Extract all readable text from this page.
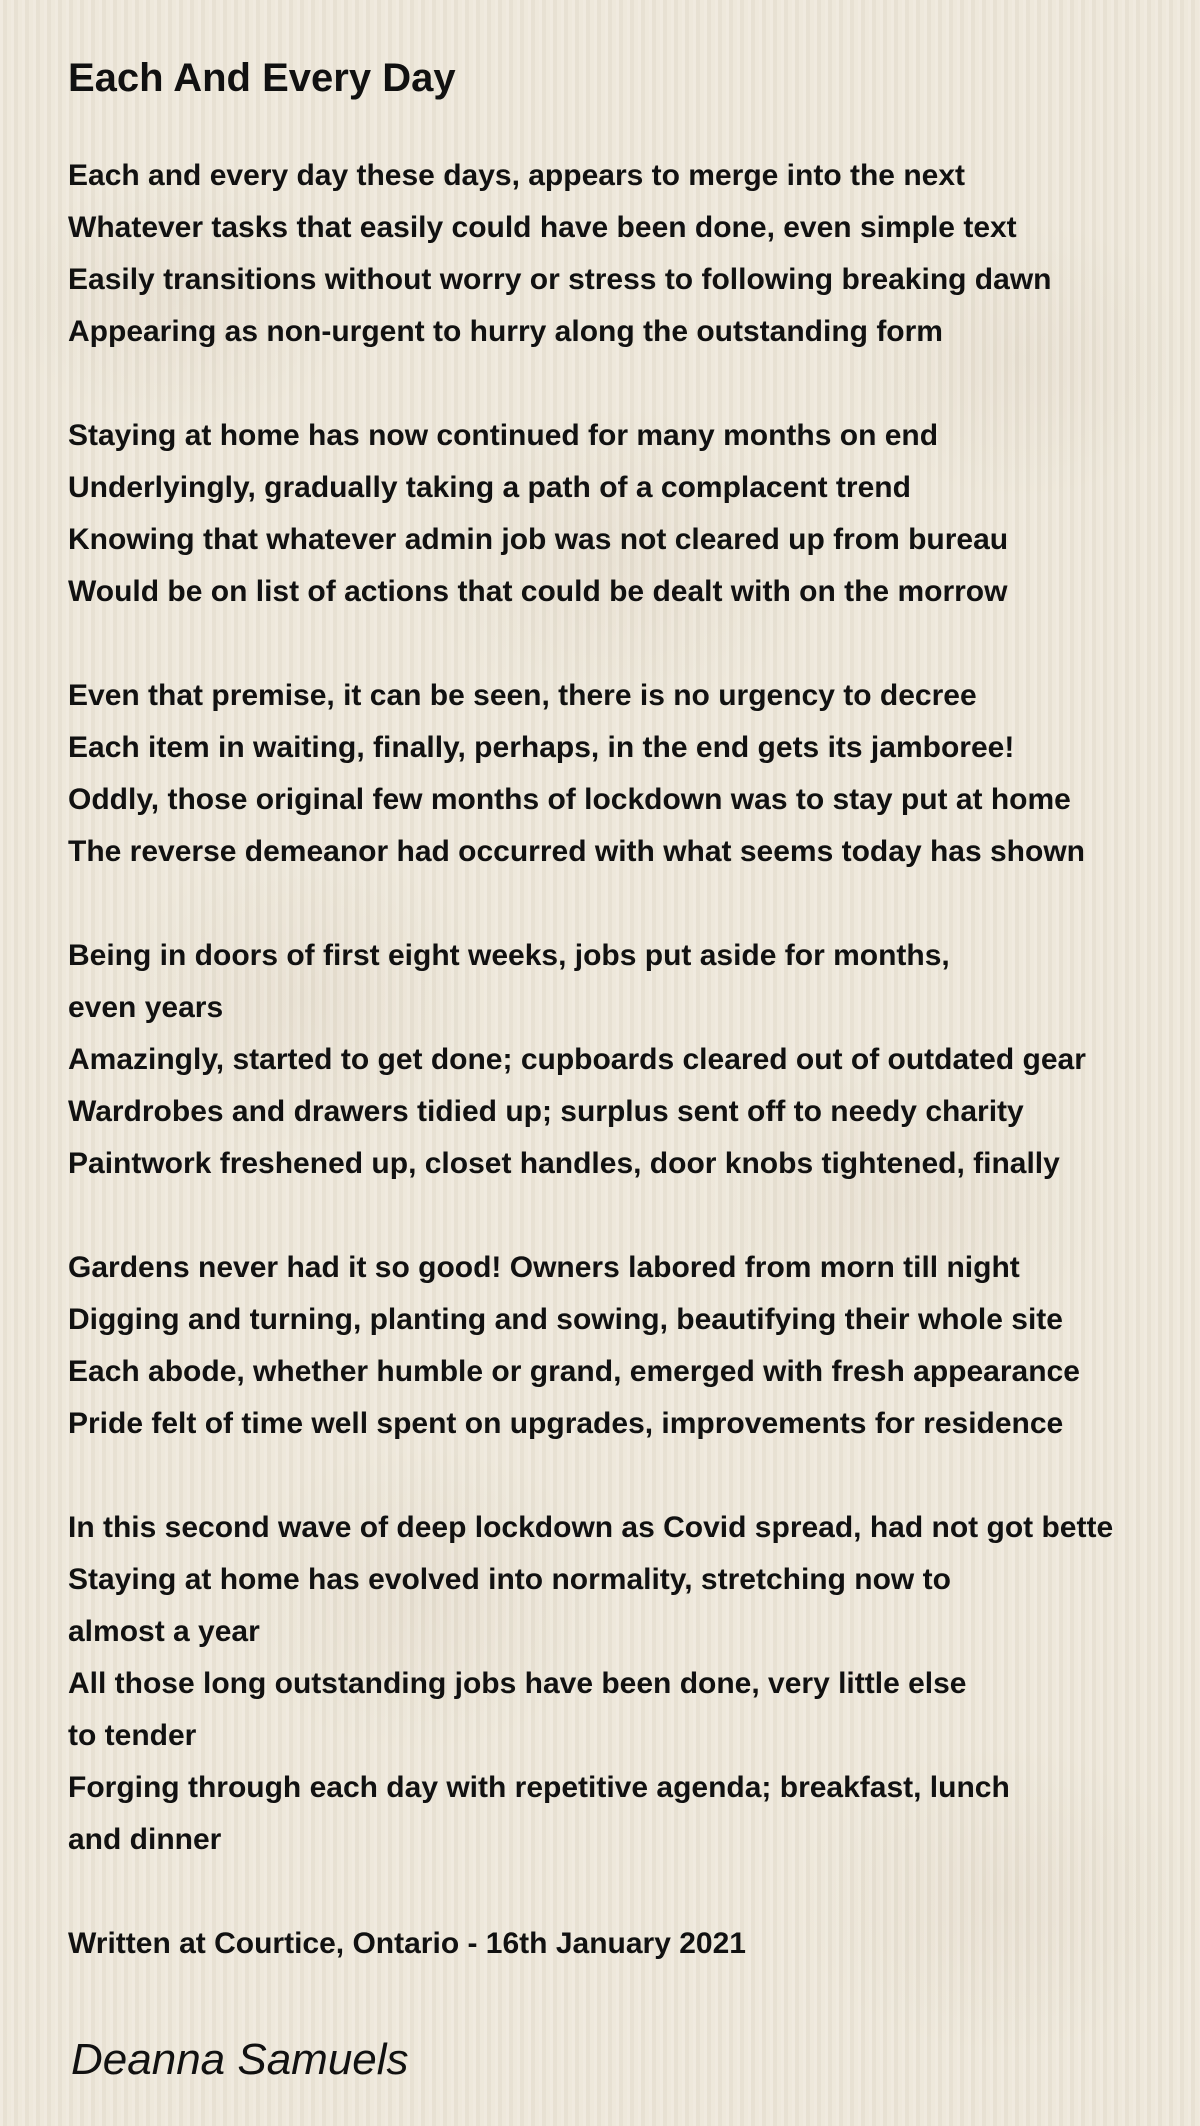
Each And Every Day
Each and every day these days, appears to merge into the next
Whatever tasks that easily could have been done, even simple text
Easily transitions without worry or stress to following breaking dawn
Appearing as non-urgent to hurry along the outstanding form
Staying at home has now continued for many months on end
Underlyingly, gradually taking a path of a complacent trend
Knowing that whatever admin job was not cleared up from bureau
Would be on list of actions that could be dealt with on the morrow
Even that premise, it can be seen, there is no urgency to decree
Each item in waiting, finally, perhaps, in the end gets its jamboree!
Oddly, those original few months of lockdown was to stay put at home
The reverse demeanor had occurred with what seems today has shown
Being in doors of first eight weeks, jobs put aside for months,
even years
Amazingly, started to get done; cupboards cleared out of outdated gear
Wardrobes and drawers tidied up; surplus sent off to needy charity
Paintwork freshened up, closet handles, door knobs tightened, finally
Gardens never had it so good! Owners labored from morn till night
Digging and turning, planting and sowing, beautifying their whole site
Each abode, whether humble or grand, emerged with fresh appearance
Pride felt of time well spent on upgrades, improvements for residence
In this second wave of deep lockdown as Covid spread, had not got bette
Staying at home has evolved into normality, stretching now to
almost a year
All those long outstanding jobs have been done, very little else
to tender
Forging through each day with repetitive agenda; breakfast, lunch
and dinner
Written at Courtice, Ontario - 16th January 2021
Deanna Samuels
